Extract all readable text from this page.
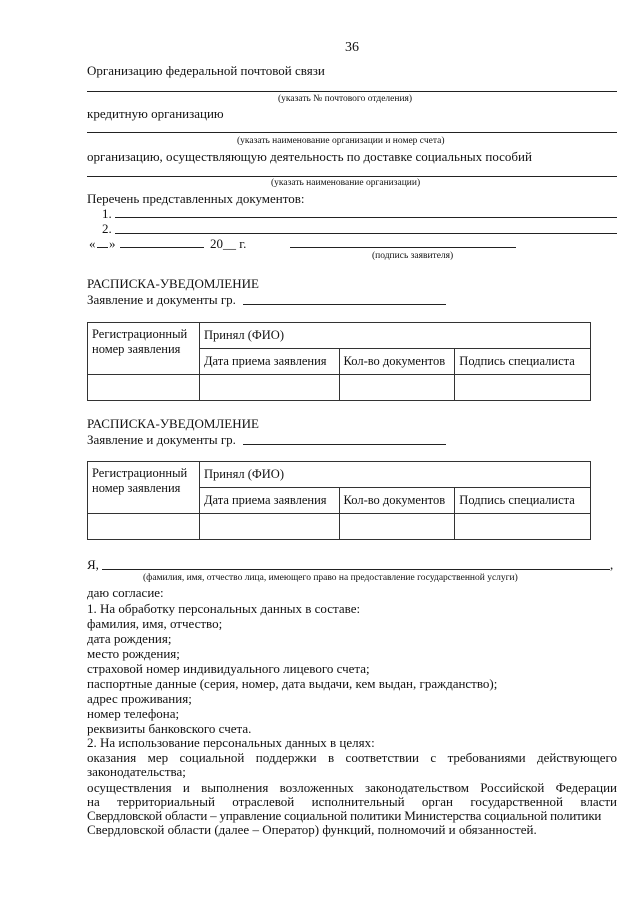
36
Организацию федеральной почтовой связи
(указать № почтового отделения)
кредитную организацию
(указать наименование организации и номер счета)
организацию, осуществляющую деятельность по доставке социальных пособий
(указать наименование организации)
Перечень представленных документов:
1.
2.
« »	20__ г.
(подпись заявителя)
РАСПИСКА-УВЕДОМЛЕНИЕ
Заявление и документы гр.
Регистрационный номер заявления	Принял (ФИО)		
	Дата приема заявления	Кол-во документов	Подпись специалиста

РАСПИСКА-УВЕДОМЛЕНИЕ
Заявление и документы гр.
Регистрационный номер заявления	Принял (ФИО)		
	Дата приема заявления	Кол-во документов	Подпись специалиста

Я,	,
(фамилия, имя, отчество лица, имеющего право на предоставление государственной услуги)
даю согласие:
1. На обработку персональных данных в составе:
фамилия, имя, отчество;
дата рождения;
место рождения;
страховой номер индивидуального лицевого счета;
паспортные данные (серия, номер, дата выдачи, кем выдан, гражданство);
адрес проживания;
номер телефона;
реквизиты банковского счета.
2. На использование персональных данных в целях:
оказания мер социальной поддержки в соответствии с требованиями действующего
законодательства;
осуществления и выполнения возложенных законодательством Российской Федерации
на территориальный отраслевой исполнительный орган государственной власти
Свердловской области – управление социальной политики Министерства социальной политики
Свердловской области (далее – Оператор) функций, полномочий и обязанностей.
